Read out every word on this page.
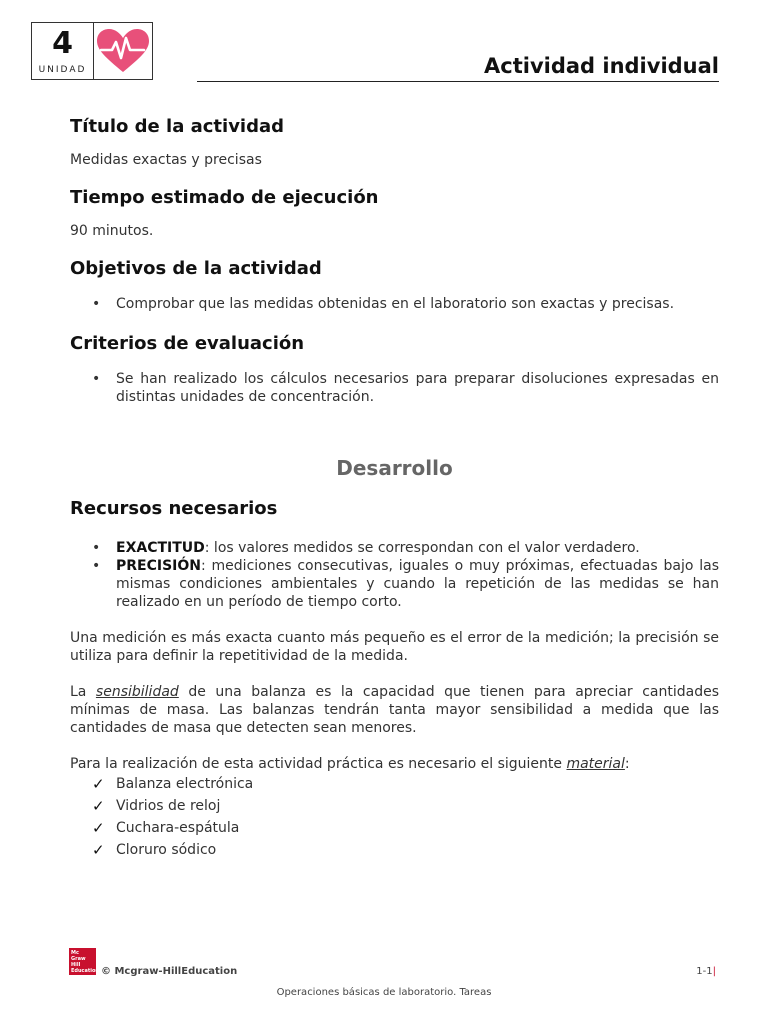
4
UNIDAD	Actividad individual
Título de la actividad

Medidas exactas y precisas

Tiempo estimado de ejecución

90 minutos.

Objetivos de la actividad
• Comprobar que las medidas obtenidas en el laboratorio son exactas y precisas.
Criterios de evaluación
• Se han realizado los cálculos necesarios para preparar disoluciones expresadas en distintas unidades de concentración.
Desarrollo
Recursos necesarios
• EXACTITUD: los valores medidos se correspondan con el valor verdadero.
• PRECISIÓN: mediciones consecutivas, iguales o muy próximas, efectuadas bajo las mismas condiciones ambientales y cuando la repetición de las medidas se han realizado en un período de tiempo corto.

Una medición es más exacta cuanto más pequeño es el error de la medición; la precisión se utiliza para definir la repetitividad de la medida.

La sensibilidad de una balanza es la capacidad que tienen para apreciar cantidades mínimas de masa. Las balanzas tendrán tanta mayor sensibilidad a medida que las cantidades de masa que detecten sean menores.

Para la realización de esta actividad práctica es necesario el siguiente material:

✓ Balanza electrónica
✓ Vidrios de reloj
✓ Cuchara-espátula
✓ Cloruro sódico
Mc Graw Hill Education © Mcgraw-HillEducation	1-1|
Operaciones básicas de laboratorio. Tareas
